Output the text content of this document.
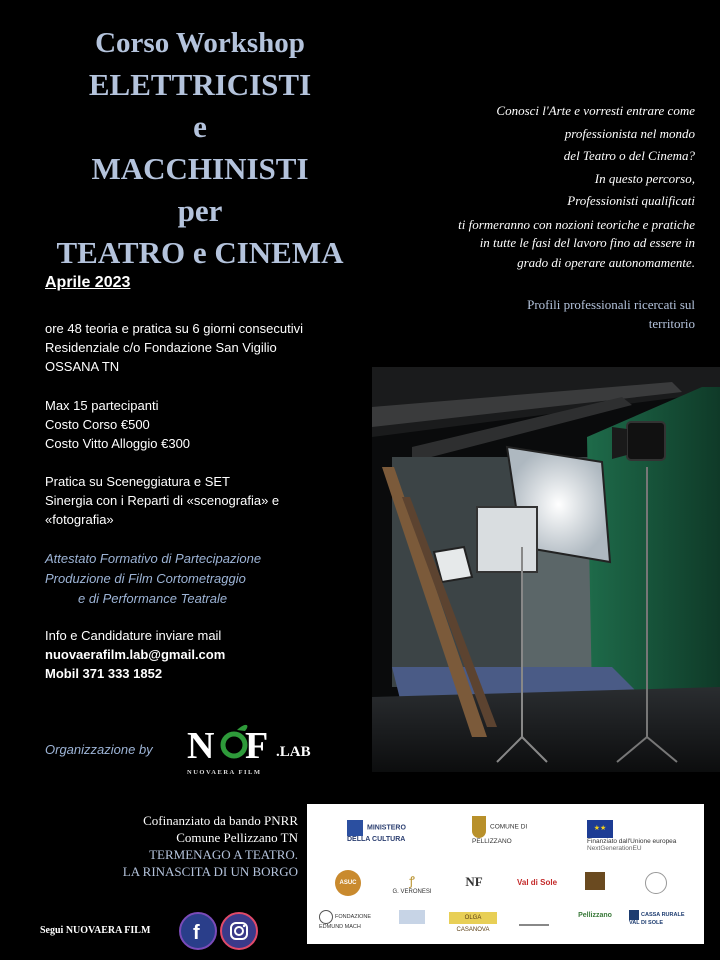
Corso Workshop
ELETTRICISTI
e
MACCHINISTI
per
TEATRO e CINEMA
Conosci l'Arte e vorresti entrare come
professionista nel mondo
del Teatro o del Cinema?
In questo percorso,
Professionisti qualificati
ti formeranno con nozioni teoriche e pratiche
in tutte le fasi del lavoro fino ad essere in
grado di operare autonomamente.
Profili professionali ricercati sul
territorio
Aprile 2023
ore 48 teoria e pratica su 6 giorni consecutivi
Residenziale c/o Fondazione San Vigilio
OSSANA TN
Max 15 partecipanti
Costo Corso €500
Costo Vitto Alloggio €300
Pratica su Sceneggiatura e SET
Sinergia con i Reparti di «scenografia» e
«fotografia»
Attestato Formativo di Partecipazione
Produzione di Film Cortometraggio
e di Performance Teatrale
Info e Candidature inviare mail
nuovaerafilm.lab@gmail.com
Mobil 371 333 1852
Organizzazione by N F .LAB
NUOVAERA FILM
Cofinanziato da bando PNRR
Comune Pellizzano TN
TERMENAGO A TEATRO.
LA RINASCITA DI UN BORGO
Segui NUOVAERA FILM f
MINISTERO DELLA CULTURA
COMUNE DI PELLIZZANO
★★Finanziato dall'Unione europea
NextGenerationEU
ASUC	ꝭ
G. VERONESI
NF	Val di Sole
FONDAZIONE EDMUND MACH
OLGA CASANOVA
Pellizzano	CASSA RURALE VAL DI SOLE
